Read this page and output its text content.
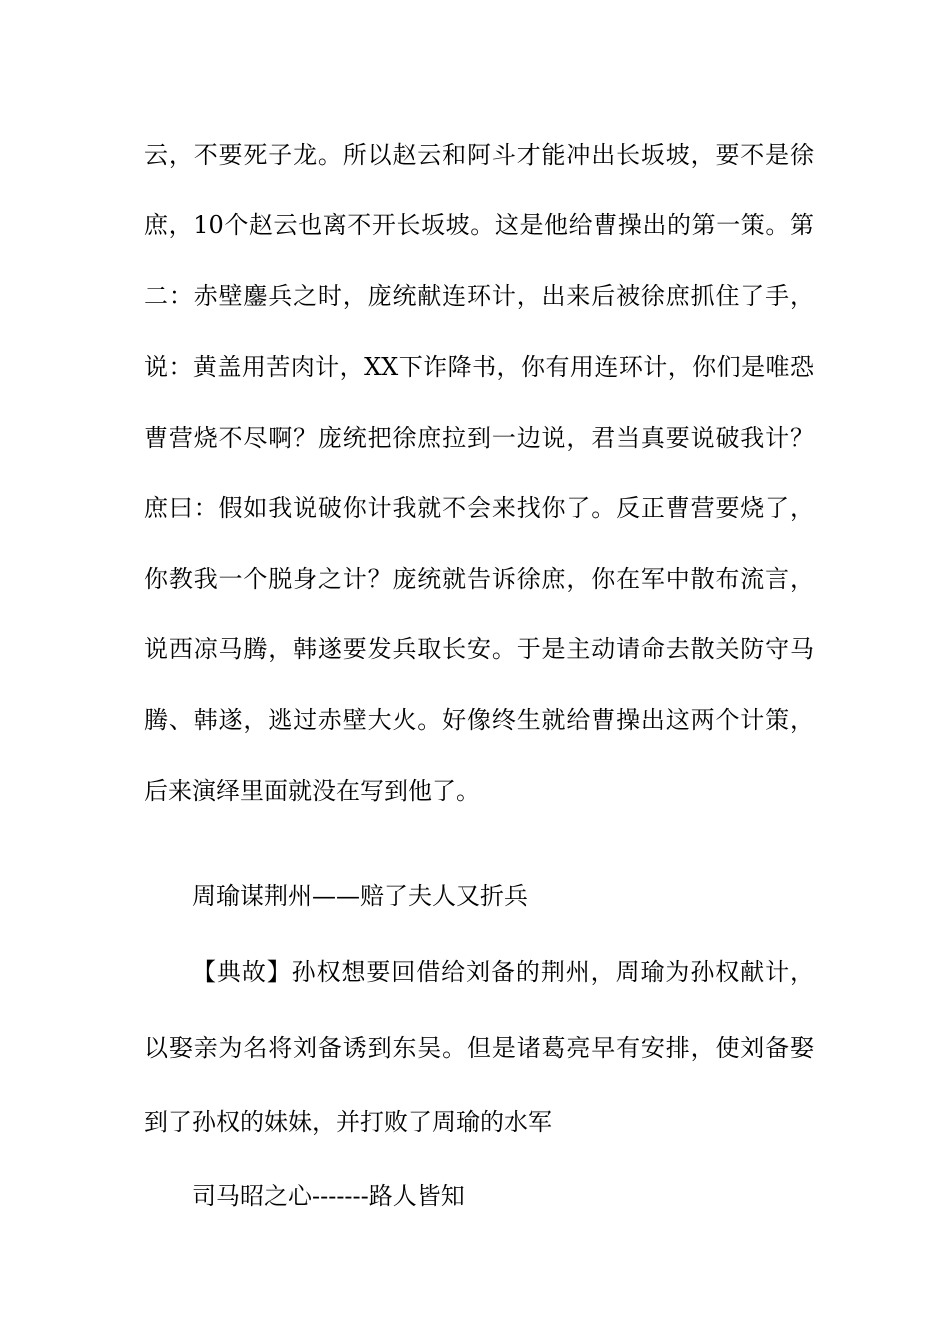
云，不要死子龙。所以赵云和阿斗才能冲出长坂坡，要不是徐
庶，10个赵云也离不开长坂坡。这是他给曹操出的第一策。第
二：赤壁鏖兵之时，庞统献连环计，出来后被徐庶抓住了手，
说：黄盖用苦肉计，XX下诈降书，你有用连环计，你们是唯恐
曹营烧不尽啊？庞统把徐庶拉到一边说，君当真要说破我计？
庶曰：假如我说破你计我就不会来找你了。反正曹营要烧了，
你教我一个脱身之计？庞统就告诉徐庶，你在军中散布流言，
说西凉马腾，韩遂要发兵取长安。于是主动请命去散关防守马
腾、韩遂，逃过赤壁大火。好像终生就给曹操出这两个计策，
后来演绎里面就没在写到他了。
周瑜谋荆州——赔了夫人又折兵
【典故】孙权想要回借给刘备的荆州，周瑜为孙权献计，
以娶亲为名将刘备诱到东吴。但是诸葛亮早有安排，使刘备娶
到了孙权的妹妹，并打败了周瑜的水军
司马昭之心-------路人皆知
